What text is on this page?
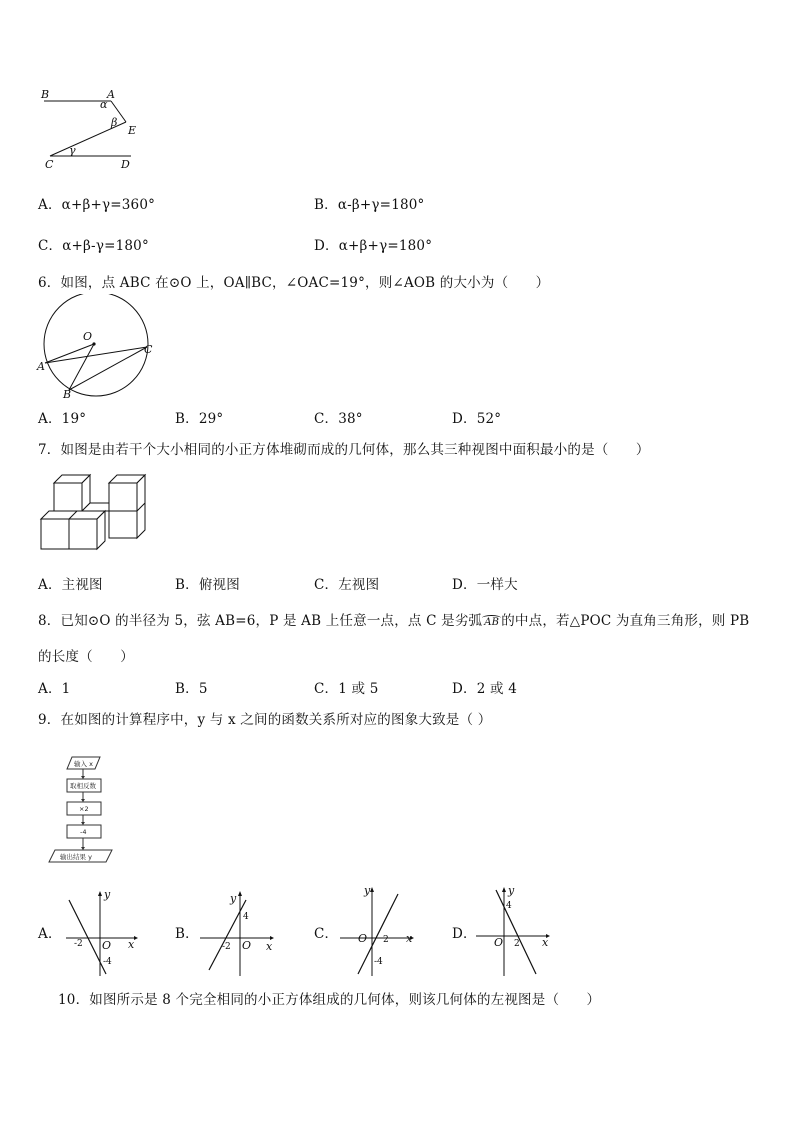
B	A
α
β
E
C
γ
D
A．α+β+γ=360°	B．α-β+γ=180°
C．α+β-γ=180°	D．α+β+γ=180°
6．如图，点 ABC 在⊙O 上，OA∥BC，∠OAC=19°，则∠AOB 的大小为（　　）
O
A
B
C
A．19°	B．29°	C．38°	D．52°
7．如图是由若干个大小相同的小正方体堆砌而成的几何体，那么其三种视图中面积最小的是（　　）
A．主视图	B．俯视图	C．左视图	D．一样大
8．已知⊙O 的半径为 5，弦 AB=6，P 是 AB 上任意一点，点 C 是劣弧 AB 的中点，若△POC 为直角三角形，则 PB
的长度（　　）
A．1	B．5	C．1 或 5	D．2 或 4
9．在如图的计算程序中，y 与 x 之间的函数关系所对应的图象大致是（ ）
输入 x
取相反数
×2
-4
输出结果 y
A．
y
x
O
-2
-4
B．
y
x
O
-2
4
C．
y
x
O 2
-4
D．
y
x
O 2
4
10．如图所示是 8 个完全相同的小正方体组成的几何体，则该几何体的左视图是（　　）
